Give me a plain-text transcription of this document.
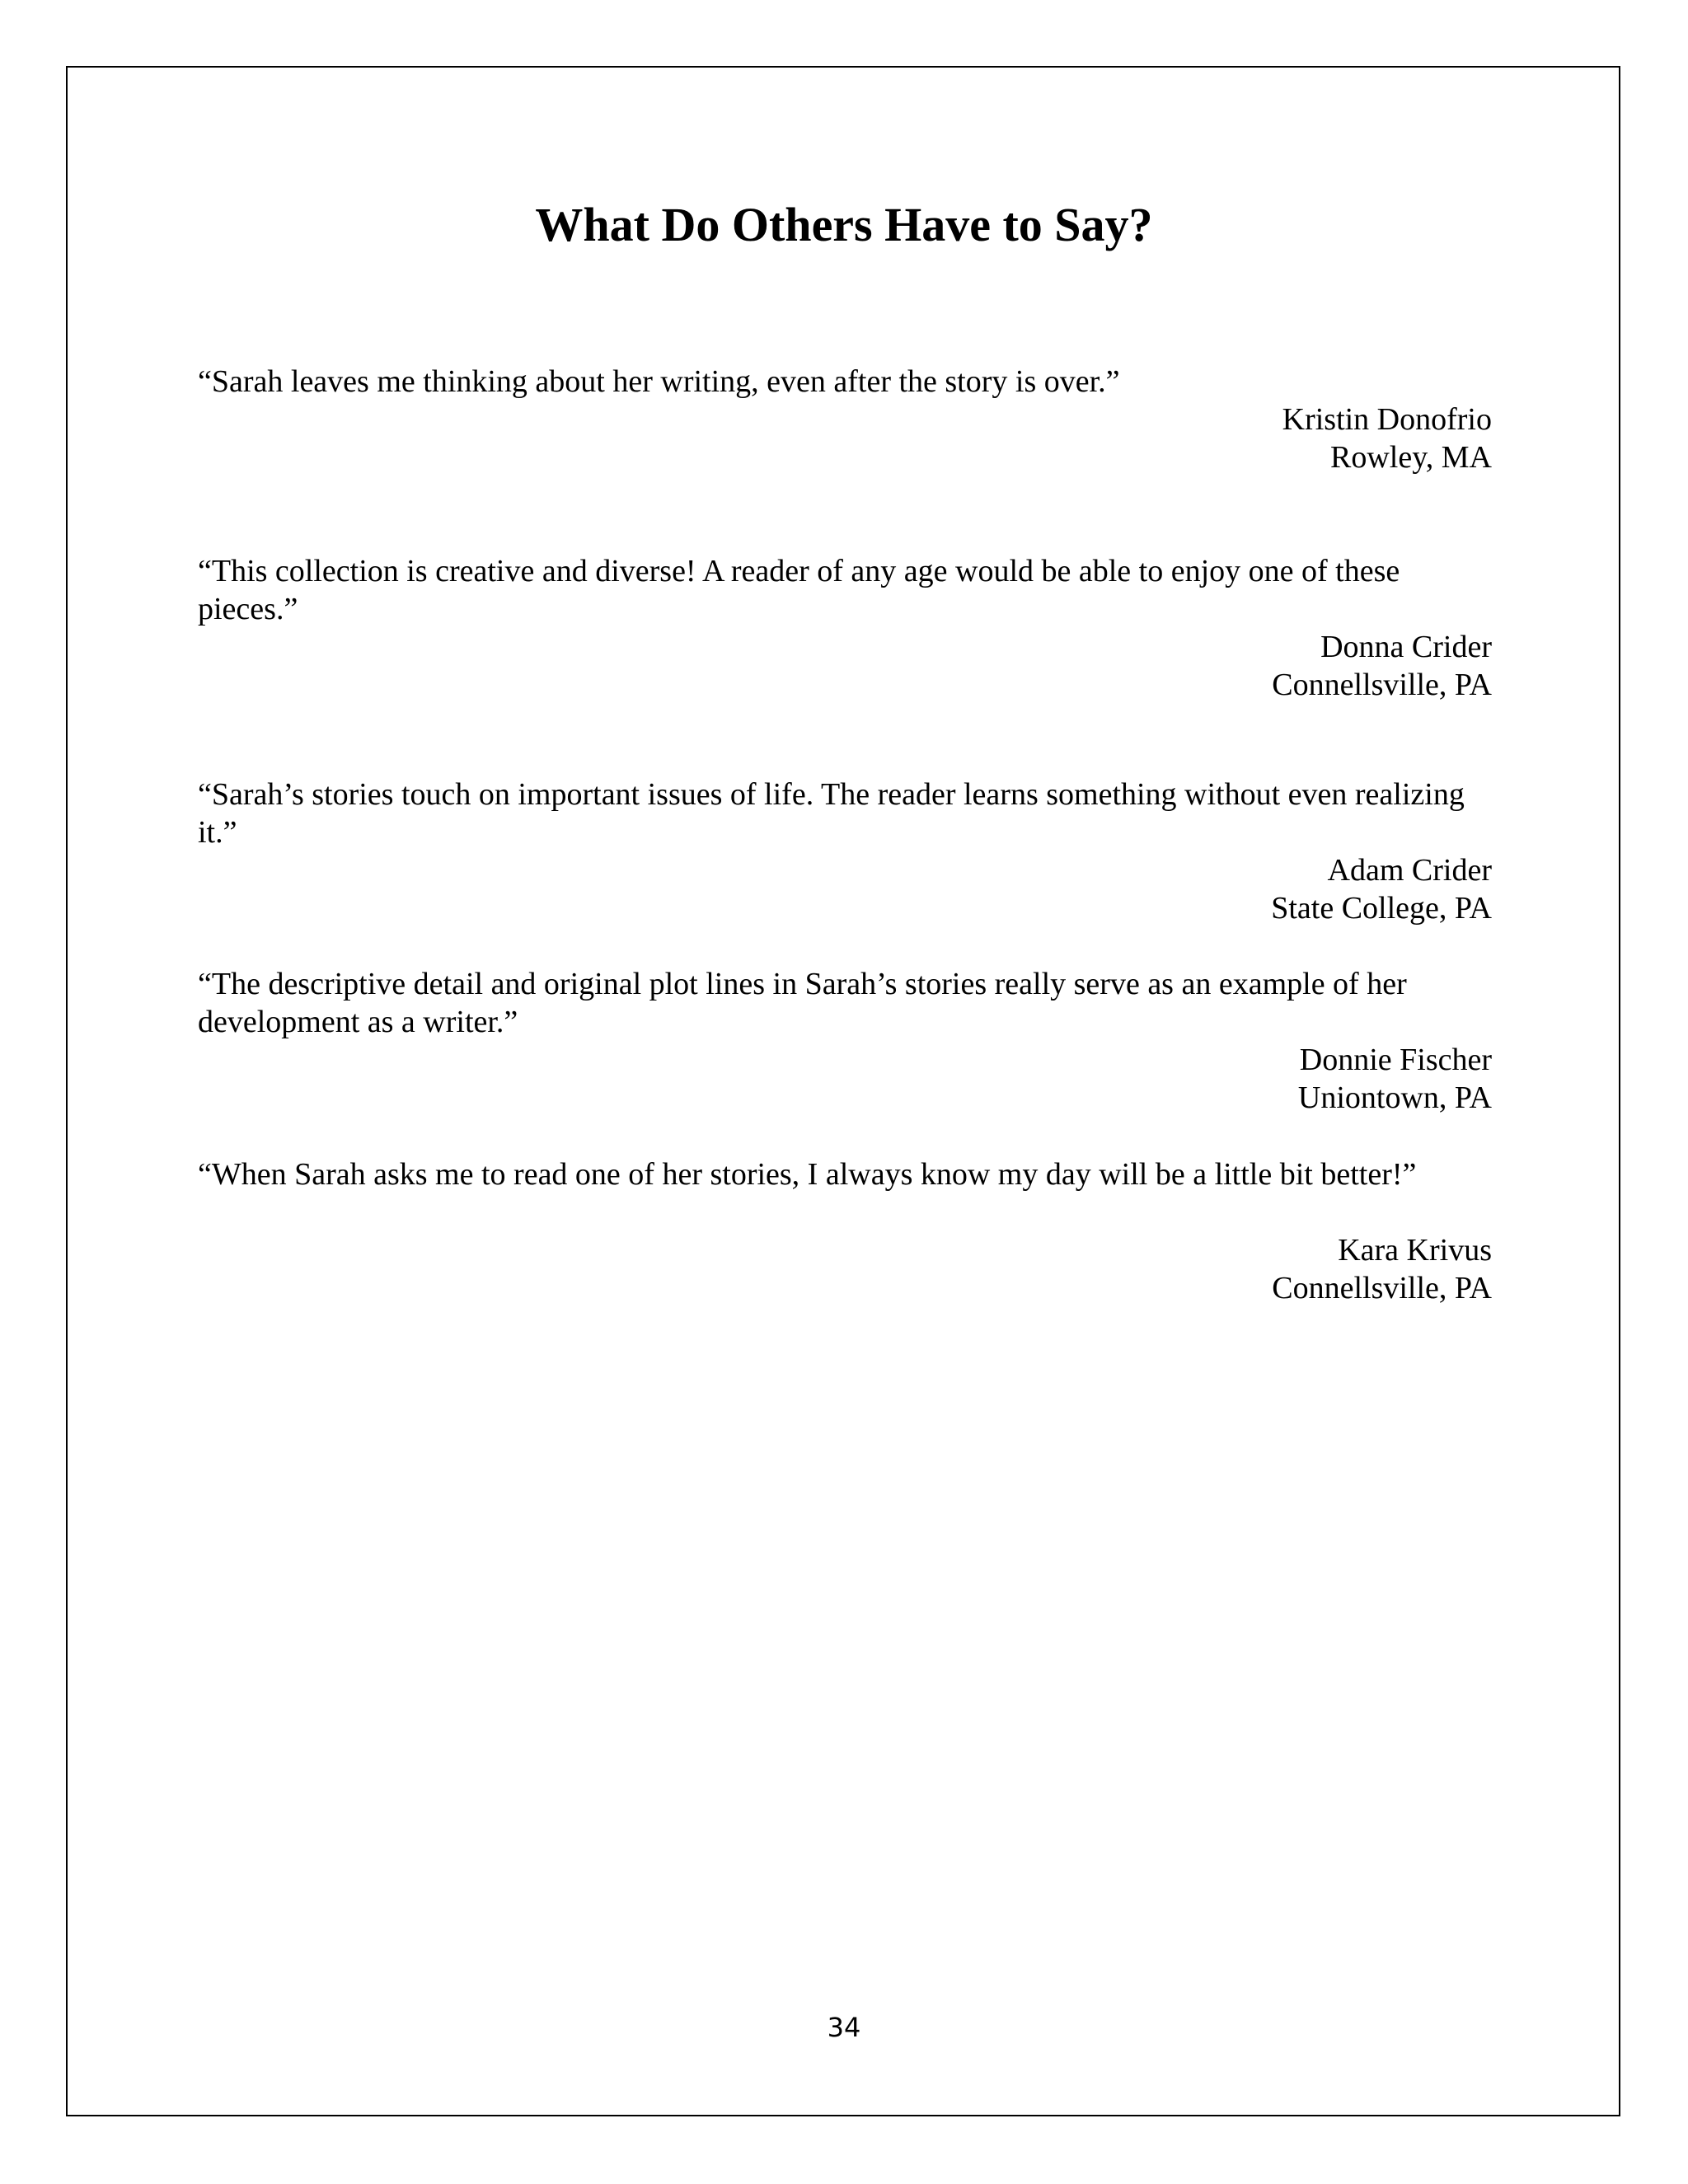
What Do Others Have to Say?

“Sarah leaves me thinking about her writing, even after the story is over.”

Kristin Donofrio

Rowley, MA

“This collection is creative and diverse! A reader of any age would be able to enjoy one of these pieces.”

Donna Crider

Connellsville, PA

“Sarah’s stories touch on important issues of life. The reader learns something without even realizing it.”

Adam Crider

State College, PA

“The descriptive detail and original plot lines in Sarah’s stories really serve as an example of her development as a writer.”

Donnie Fischer

Uniontown, PA

“When Sarah asks me to read one of her stories, I always know my day will be a little bit better!”

Kara Krivus

Connellsville, PA

34
